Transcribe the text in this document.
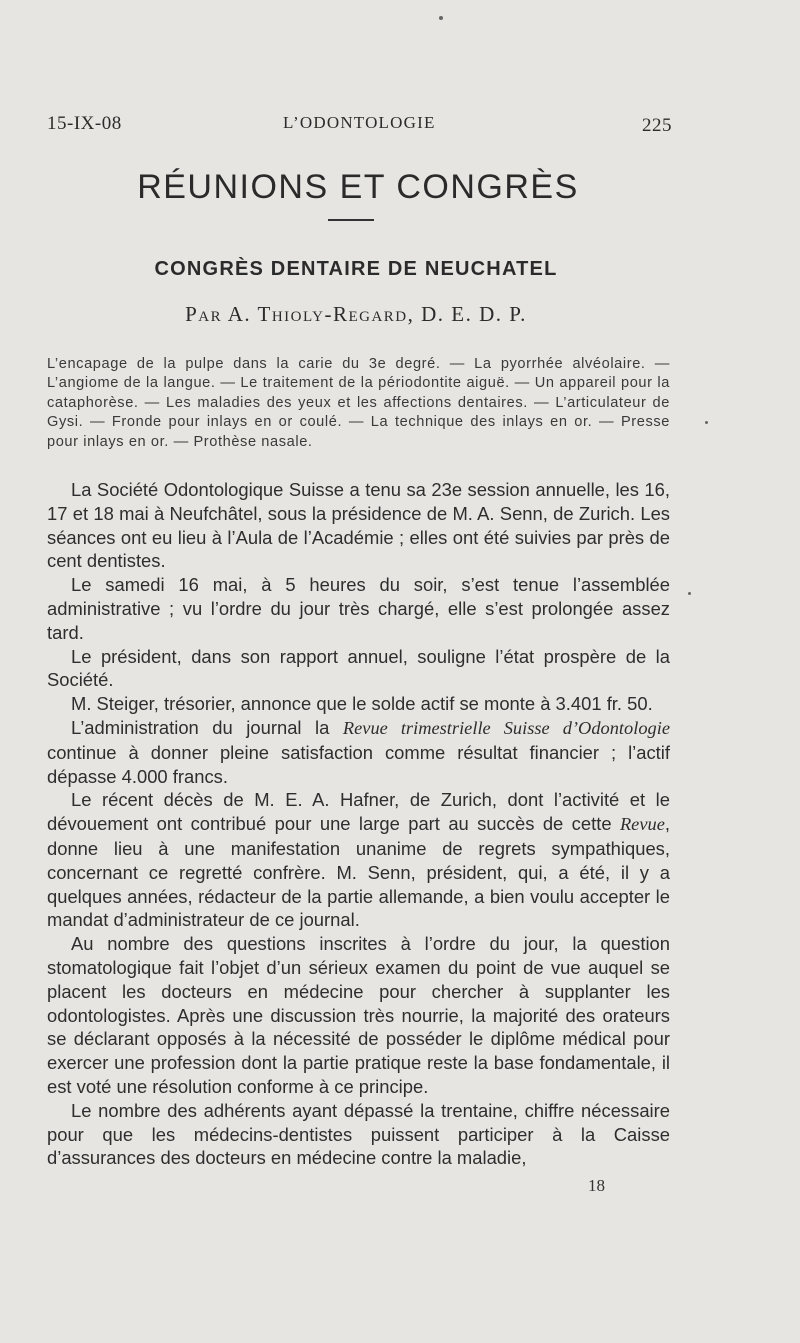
15-IX-08	L’ODONTOLOGIE	225
RÉUNIONS ET CONGRÈS
CONGRÈS DENTAIRE DE NEUCHATEL
Par A. Thioly-Regard, D. E. D. P.
L’encapage de la pulpe dans la carie du 3e degré. — La pyorrhée alvéolaire. — L’angiome de la langue. — Le traitement de la périodontite aiguë. — Un appareil pour la cataphorèse. — Les maladies des yeux et les affections dentaires. — L’articulateur de Gysi. — Fronde pour inlays en or coulé. — La technique des inlays en or. — Presse pour inlays en or. — Prothèse nasale.

La Société Odontologique Suisse a tenu sa 23e session annuelle, les 16, 17 et 18 mai à Neufchâtel, sous la présidence de M. A. Senn, de Zurich. Les séances ont eu lieu à l’Aula de l’Académie ; elles ont été suivies par près de cent dentistes.

Le samedi 16 mai, à 5 heures du soir, s’est tenue l’assemblée administrative ; vu l’ordre du jour très chargé, elle s’est prolongée assez tard.

Le président, dans son rapport annuel, souligne l’état prospère de la Société.

M. Steiger, trésorier, annonce que le solde actif se monte à 3.401 fr. 50.

L’administration du journal la Revue trimestrielle Suisse d’Odontologie continue à donner pleine satisfaction comme résultat financier ; l’actif dépasse 4.000 francs.

Le récent décès de M. E. A. Hafner, de Zurich, dont l’activité et le dévouement ont contribué pour une large part au succès de cette Revue, donne lieu à une manifestation unanime de regrets sympathiques, concernant ce regretté confrère. M. Senn, président, qui, a été, il y a quelques années, rédacteur de la partie allemande, a bien voulu accepter le mandat d’administrateur de ce journal.

Au nombre des questions inscrites à l’ordre du jour, la question stomatologique fait l’objet d’un sérieux examen du point de vue auquel se placent les docteurs en médecine pour chercher à supplanter les odontologistes. Après une discussion très nourrie, la majorité des orateurs se déclarant opposés à la nécessité de posséder le diplôme médical pour exercer une profession dont la partie pratique reste la base fondamentale, il est voté une résolution conforme à ce principe.

Le nombre des adhérents ayant dépassé la trentaine, chiffre nécessaire pour que les médecins-dentistes puissent participer à la Caisse d’assurances des docteurs en médecine contre la maladie,

18
